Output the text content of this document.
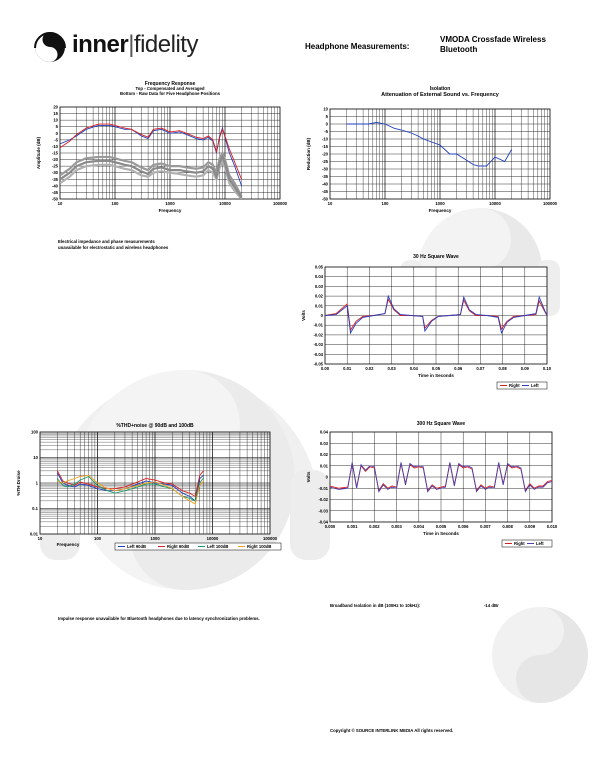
inner|fidelity	Headphone Measurements:
VMODA Crossfade Wireless
Bluetooth
Frequency Response
Top - Compensated and Averaged
Bottom - Raw Data for Five Headphone Positions
10	100	1000	10000	100000
20
15
10
5
0
-5
-10
-15
-20
-25
-30
-35
-40
-45
-50
Frequency
Amplitude (dB)
Isolation
Attenuation of External Sound vs. Frequency
10	100	1000	10000	100000
10
5
0
-5
-10
-15
-20
-25
-30
-35
-40
-45
-50
Frequency
Reduction (dB)
30 Hz Square Wave
0.00	0.01	0.02	0.03	0.04	0.05	0.06	0.07	0.08	0.09	0.10
0.05
0.04
0.03
0.02
0.01
0
-0.01
-0.02
-0.03
-0.04
-0.05
Time in Seconds
Volts
Right	Left
%THD+noise @ 90dB and 100dB
10	100	1000	10000	100000
100
10
1
0.1
0.01
Frequency
%TH Droise
Left 90dB	Right 90dB	Left 100dB	Right 100dB
300 Hz Square Wave
0.000	0.001	0.002	0.003	0.004	0.005	0.006	0.007	0.008	0.009	0.010
0.04
0.03
0.02
0.01
0
-0.01
-0.02
-0.03
-0.04
Time in Seconds
Volts
Right	Left
Electrical impedance and phase measurements
unavailable for electrostatic and wireless headphones
Impulse response unavailable for Bluetooth headphones due to latency synchronization problems.
Broadband Isolation in dB (100Hz to 10kHz):	-14 dBr
Copyright © SOURCE INTERLINK MEDIA All rights reserved.
